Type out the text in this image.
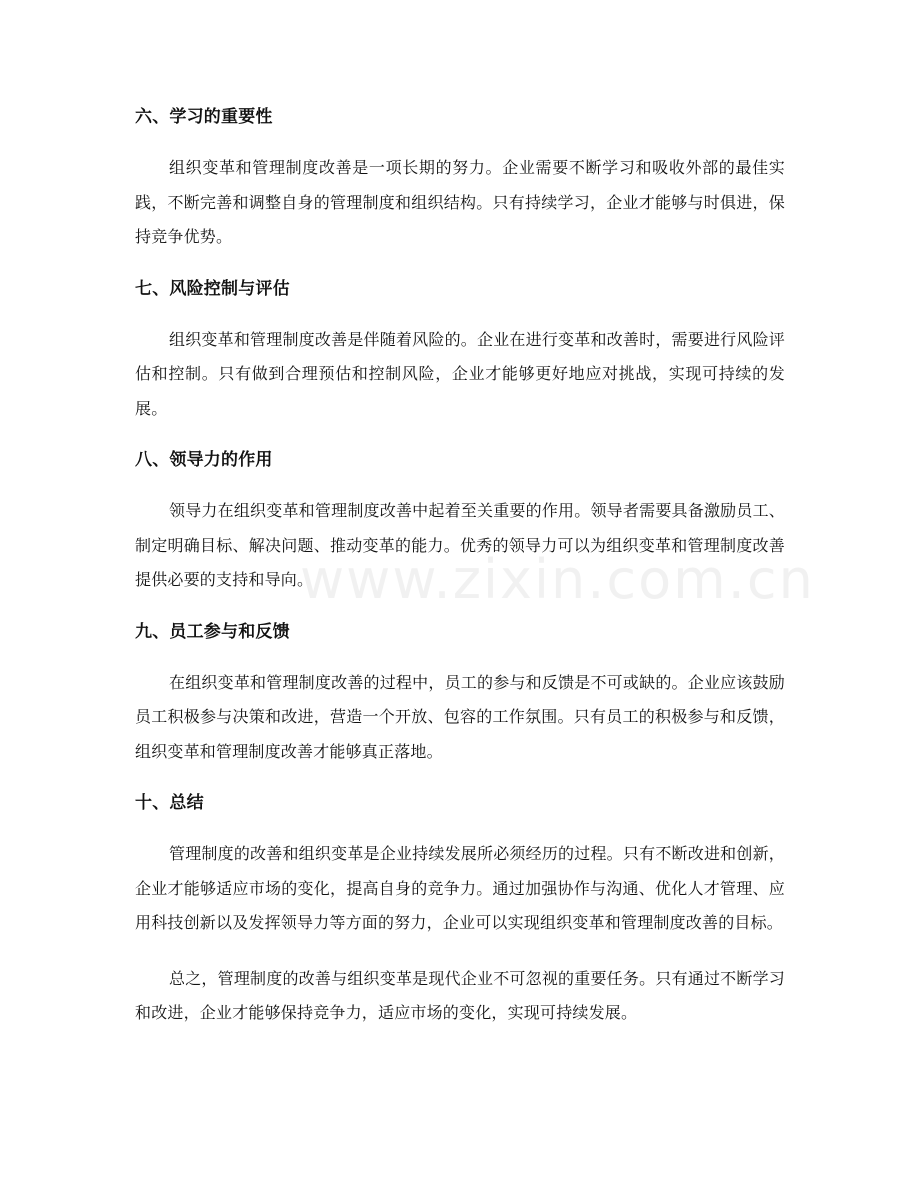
六、学习的重要性

组织变革和管理制度改善是一项长期的努力。企业需要不断学习和吸收外部的最佳实践，不断完善和调整自身的管理制度和组织结构。只有持续学习，企业才能够与时俱进，保持竞争优势。

七、风险控制与评估

组织变革和管理制度改善是伴随着风险的。企业在进行变革和改善时，需要进行风险评估和控制。只有做到合理预估和控制风险，企业才能够更好地应对挑战，实现可持续的发展。

八、领导力的作用

领导力在组织变革和管理制度改善中起着至关重要的作用。领导者需要具备激励员工、制定明确目标、解决问题、推动变革的能力。优秀的领导力可以为组织变革和管理制度改善提供必要的支持和导向。

九、员工参与和反馈

在组织变革和管理制度改善的过程中，员工的参与和反馈是不可或缺的。企业应该鼓励员工积极参与决策和改进，营造一个开放、包容的工作氛围。只有员工的积极参与和反馈，组织变革和管理制度改善才能够真正落地。

十、总结

管理制度的改善和组织变革是企业持续发展所必须经历的过程。只有不断改进和创新，企业才能够适应市场的变化，提高自身的竞争力。通过加强协作与沟通、优化人才管理、应用科技创新以及发挥领导力等方面的努力，企业可以实现组织变革和管理制度改善的目标。

总之，管理制度的改善与组织变革是现代企业不可忽视的重要任务。只有通过不断学习和改进，企业才能够保持竞争力，适应市场的变化，实现可持续发展。

www.zixin.com.cn
